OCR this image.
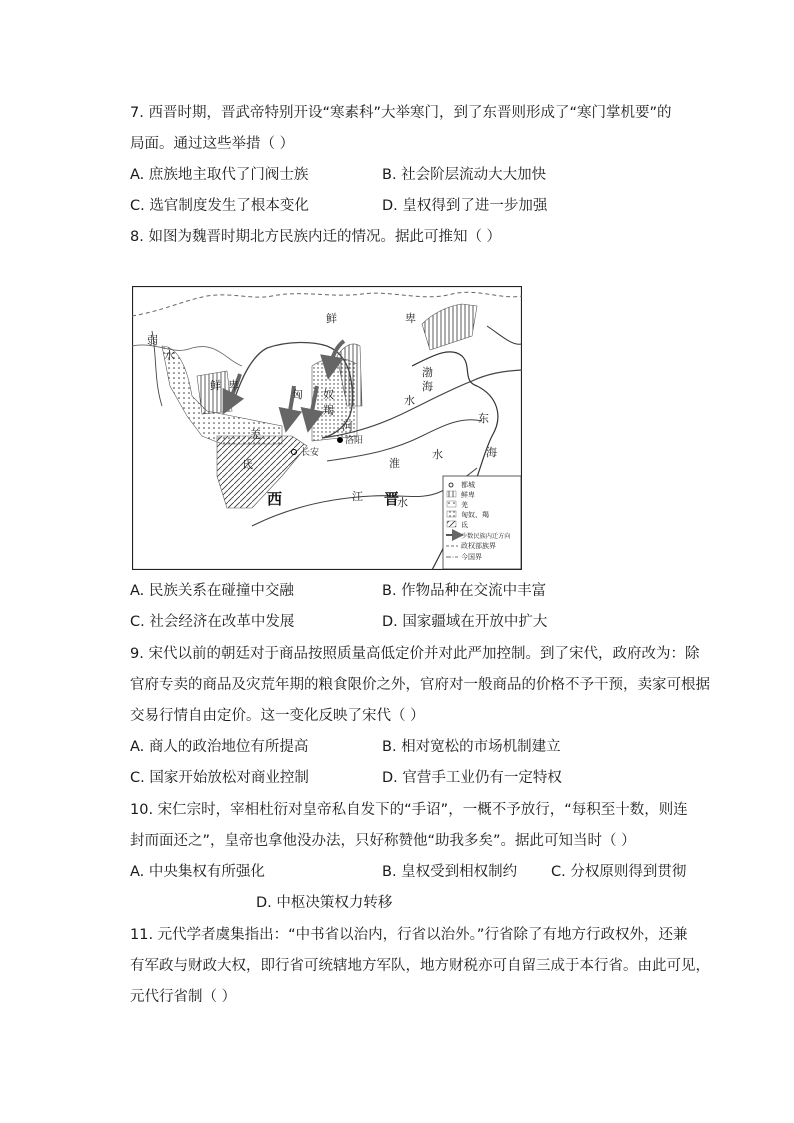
7. 西晋时期，晋武帝特别开设“寒素科”大举寒门，到了东晋则形成了“寒门掌机要”的
局面。通过这些举措（ ）
A. 庶族地主取代了门阀士族	B. 社会阶层流动大大加快
C. 选官制度发生了根本变化	D. 皇权得到了进一步加强
8. 如图为魏晋时期北方民族内迁的情况。据此可推知（ ）
鲜	卑
弱
水
鲜 卑
匈 奴
羯
羌
氐
渤
海
水
河
东
海
淮
水
江	水
西	晋
长安
洛阳
都城
鲜卑
羌
匈奴、羯
氐
少数民族内迁方向
政权部族界
今国界
A. 民族关系在碰撞中交融	B. 作物品种在交流中丰富
C. 社会经济在改革中发展	D. 国家疆域在开放中扩大
9. 宋代以前的朝廷对于商品按照质量高低定价并对此严加控制。到了宋代，政府改为：除
官府专卖的商品及灾荒年期的粮食限价之外，官府对一般商品的价格不予干预，卖家可根据
交易行情自由定价。这一变化反映了宋代（ ）
A. 商人的政治地位有所提高	B. 相对宽松的市场机制建立
C. 国家开始放松对商业控制	D. 官营手工业仍有一定特权
10. 宋仁宗时，宰相杜衍对皇帝私自发下的“手诏”，一概不予放行，“每积至十数，则连
封而面还之”，皇帝也拿他没办法，只好称赞他“助我多矣”。据此可知当时（ ）
A. 中央集权有所强化	B. 皇权受到相权制约 C. 分权原则得到贯彻
D. 中枢决策权力转移
11. 元代学者虞集指出：“中书省以治内，行省以治外。”行省除了有地方行政权外，还兼
有军政与财政大权，即行省可统辖地方军队，地方财税亦可自留三成于本行省。由此可见，
元代行省制（ ）
